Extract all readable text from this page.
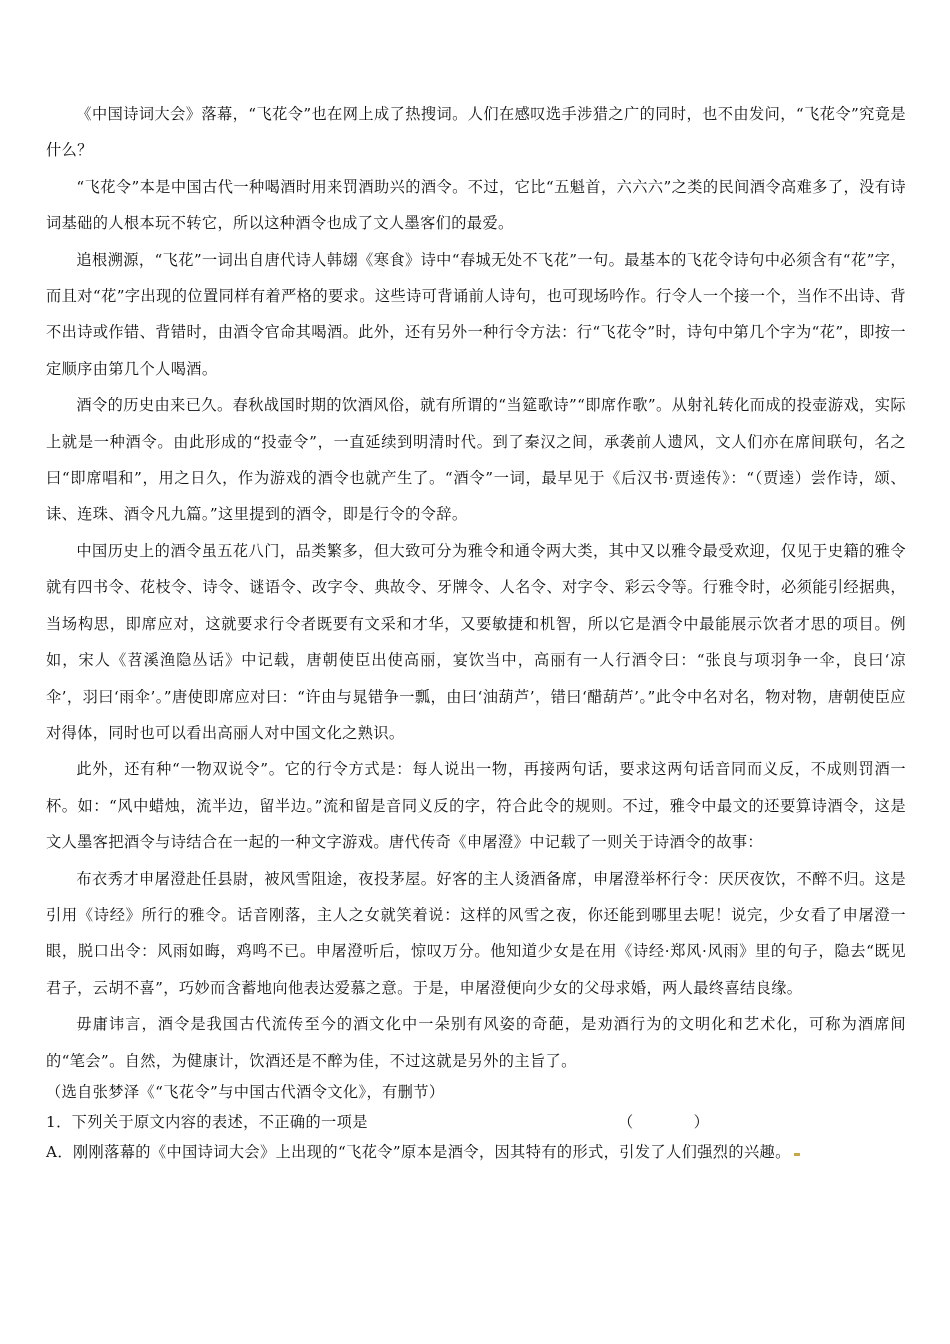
《中国诗词大会》落幕，“飞花令”也在网上成了热搜词。人们在感叹选手涉猎之广的同时，也不由发问，“飞花令”究竟是什么？

“飞花令”本是中国古代一种喝酒时用来罚酒助兴的酒令。不过，它比“五魁首，六六六”之类的民间酒令高难多了，没有诗词基础的人根本玩不转它，所以这种酒令也成了文人墨客们的最爱。

追根溯源，“飞花”一词出自唐代诗人韩翃《寒食》诗中“春城无处不飞花”一句。最基本的飞花令诗句中必须含有“花”字，而且对“花”字出现的位置同样有着严格的要求。这些诗可背诵前人诗句，也可现场吟作。行令人一个接一个，当作不出诗、背不出诗或作错、背错时，由酒令官命其喝酒。此外，还有另外一种行令方法：行“飞花令”时，诗句中第几个字为“花”，即按一定顺序由第几个人喝酒。

酒令的历史由来已久。春秋战国时期的饮酒风俗，就有所谓的“当筵歌诗”“即席作歌”。从射礼转化而成的投壶游戏，实际上就是一种酒令。由此形成的“投壶令”，一直延续到明清时代。到了秦汉之间，承袭前人遗风，文人们亦在席间联句，名之曰“即席唱和”，用之日久，作为游戏的酒令也就产生了。“酒令”一词，最早见于《后汉书·贾逵传》：“（贾逵）尝作诗，颂、诔、连珠、酒令凡九篇。”这里提到的酒令，即是行令的令辞。

中国历史上的酒令虽五花八门，品类繁多，但大致可分为雅令和通令两大类，其中又以雅令最受欢迎，仅见于史籍的雅令就有四书令、花枝令、诗令、谜语令、改字令、典故令、牙牌令、人名令、对字令、彩云令等。行雅令时，必须能引经据典，当场构思，即席应对，这就要求行令者既要有文采和才华，又要敏捷和机智，所以它是酒令中最能展示饮者才思的项目。例如，宋人《苕溪渔隐丛话》中记载，唐朝使臣出使高丽，宴饮当中，高丽有一人行酒令曰：“张良与项羽争一伞，良曰‘凉伞’，羽曰‘雨伞’。”唐使即席应对曰：“许由与晁错争一瓢，由曰‘油葫芦’，错曰‘醋葫芦’。”此令中名对名，物对物，唐朝使臣应对得体，同时也可以看出高丽人对中国文化之熟识。

此外，还有种“一物双说令”。它的行令方式是：每人说出一物，再接两句话，要求这两句话音同而义反，不成则罚酒一杯。如：“风中蜡烛，流半边，留半边。”流和留是音同义反的字，符合此令的规则。不过，雅令中最文的还要算诗酒令，这是文人墨客把酒令与诗结合在一起的一种文字游戏。唐代传奇《申屠澄》中记载了一则关于诗酒令的故事：

布衣秀才申屠澄赴任县尉，被风雪阻途，夜投茅屋。好客的主人烫酒备席，申屠澄举杯行令：厌厌夜饮，不醉不归。这是引用《诗经》所行的雅令。话音刚落，主人之女就笑着说：这样的风雪之夜，你还能到哪里去呢！说完，少女看了申屠澄一眼，脱口出令：风雨如晦，鸡鸣不已。申屠澄听后，惊叹万分。他知道少女是在用《诗经·郑风·风雨》里的句子，隐去“既见君子，云胡不喜”，巧妙而含蓄地向他表达爱慕之意。于是，申屠澄便向少女的父母求婚，两人最终喜结良缘。

毋庸讳言，酒令是我国古代流传至今的酒文化中一朵别有风姿的奇葩，是劝酒行为的文明化和艺术化，可称为酒席间的“笔会”。自然，为健康计，饮酒还是不醉为佳，不过这就是另外的主旨了。

（选自张梦泽《“飞花令”与中国古代酒令文化》，有删节）

1．下列关于原文内容的表述，不正确的一项是	（　　）

A．刚刚落幕的《中国诗词大会》上出现的“飞花令”原本是酒令，因其特有的形式，引发了人们强烈的兴趣。
